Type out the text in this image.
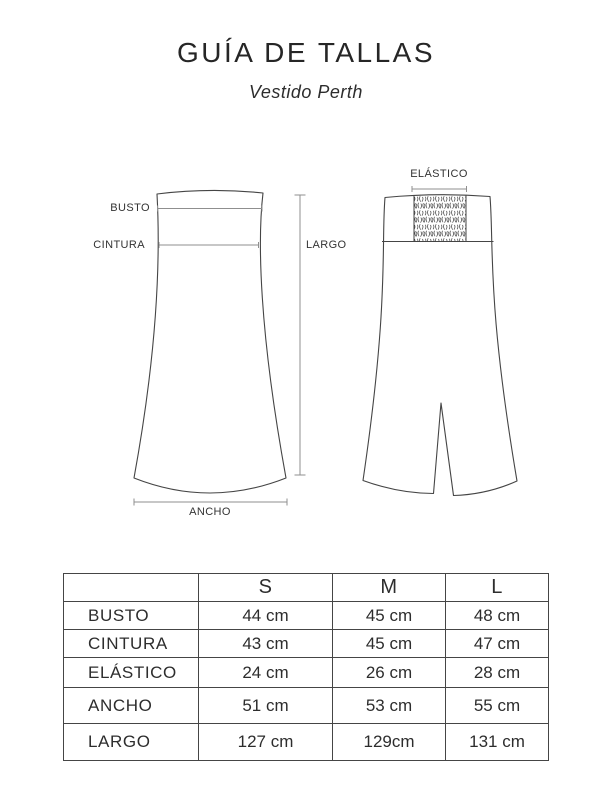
GUÍA DE TALLAS
Vestido Perth
BUSTO
CINTURA	LARGO
ANCHO
ELÁSTICO
	S	M	L
BUSTO	44 cm	45 cm	48 cm
CINTURA	43 cm	45 cm	47 cm
ELÁSTICO	24 cm	26 cm	28 cm
ANCHO	51 cm	53 cm	55 cm
LARGO	127 cm	129cm	131 cm
